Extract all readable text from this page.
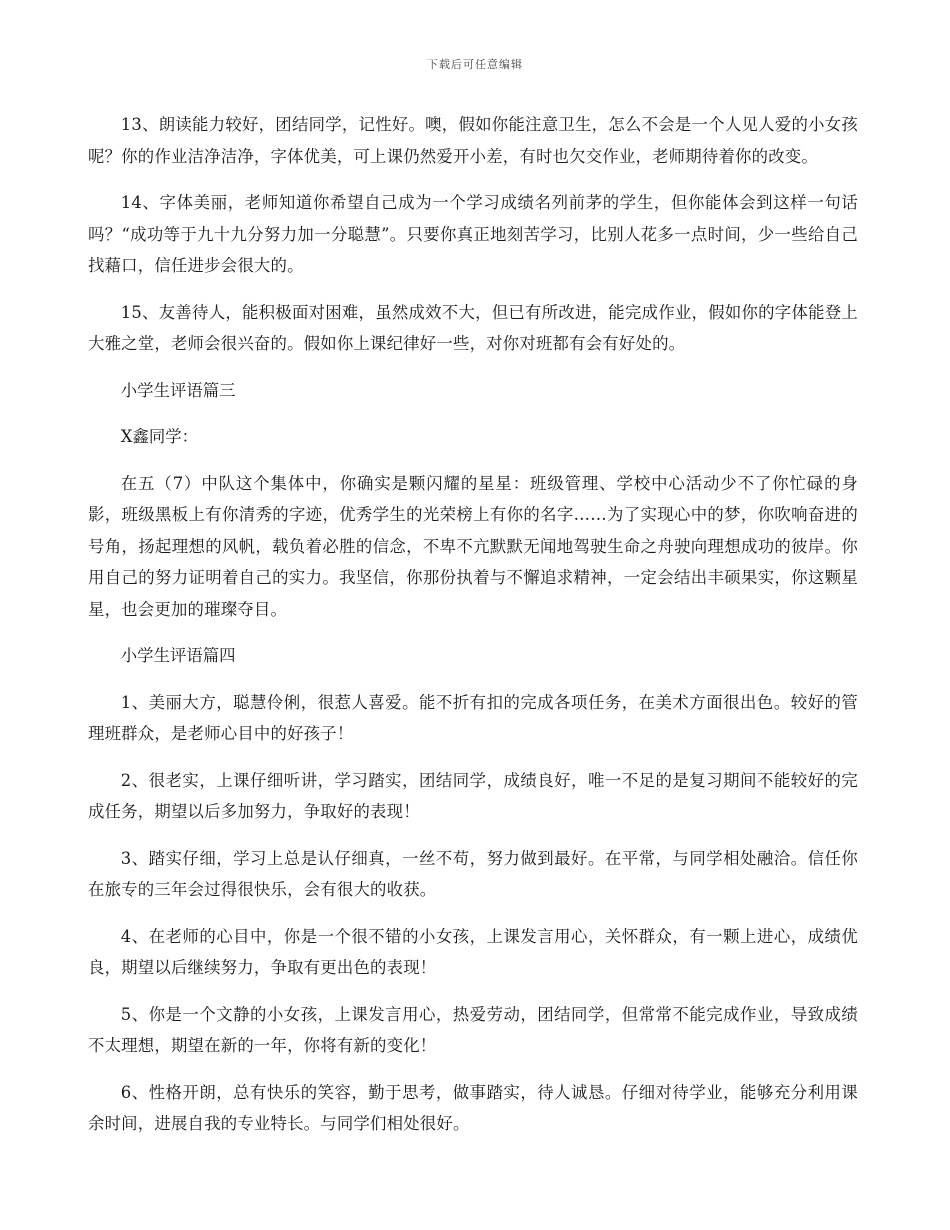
下载后可任意编辑

13、朗读能力较好，团结同学，记性好。噢，假如你能注意卫生，怎么不会是一个人见人爱的小女孩呢？你的作业洁净洁净，字体优美，可上课仍然爱开小差，有时也欠交作业，老师期待着你的改变。

14、字体美丽，老师知道你希望自己成为一个学习成绩名列前茅的学生，但你能体会到这样一句话吗？“成功等于九十九分努力加一分聪慧”。只要你真正地刻苦学习，比别人花多一点时间，少一些给自己找藉口，信任进步会很大的。

15、友善待人，能积极面对困难，虽然成效不大，但已有所改进，能完成作业，假如你的字体能登上大雅之堂，老师会很兴奋的。假如你上课纪律好一些，对你对班都有会有好处的。

小学生评语篇三

X鑫同学：

在五（7）中队这个集体中，你确实是颗闪耀的星星：班级管理、学校中心活动少不了你忙碌的身影，班级黑板上有你清秀的字迹，优秀学生的光荣榜上有你的名字……为了实现心中的梦，你吹响奋进的号角，扬起理想的风帆，载负着必胜的信念，不卑不亢默默无闻地驾驶生命之舟驶向理想成功的彼岸。你用自己的努力证明着自己的实力。我坚信，你那份执着与不懈追求精神，一定会结出丰硕果实，你这颗星星，也会更加的璀璨夺目。

小学生评语篇四

1、美丽大方，聪慧伶俐，很惹人喜爱。能不折有扣的完成各项任务，在美术方面很出色。较好的管理班群众，是老师心目中的好孩子！

2、很老实，上课仔细听讲，学习踏实，团结同学，成绩良好，唯一不足的是复习期间不能较好的完成任务，期望以后多加努力，争取好的表现！

3、踏实仔细，学习上总是认仔细真，一丝不苟，努力做到最好。在平常，与同学相处融洽。信任你在旅专的三年会过得很快乐，会有很大的收获。

4、在老师的心目中，你是一个很不错的小女孩，上课发言用心，关怀群众，有一颗上进心，成绩优良，期望以后继续努力，争取有更出色的表现！

5、你是一个文静的小女孩，上课发言用心，热爱劳动，团结同学，但常常不能完成作业，导致成绩不太理想，期望在新的一年，你将有新的变化！

6、性格开朗，总有快乐的笑容，勤于思考，做事踏实，待人诚恳。仔细对待学业，能够充分利用课余时间，进展自我的专业特长。与同学们相处很好。
